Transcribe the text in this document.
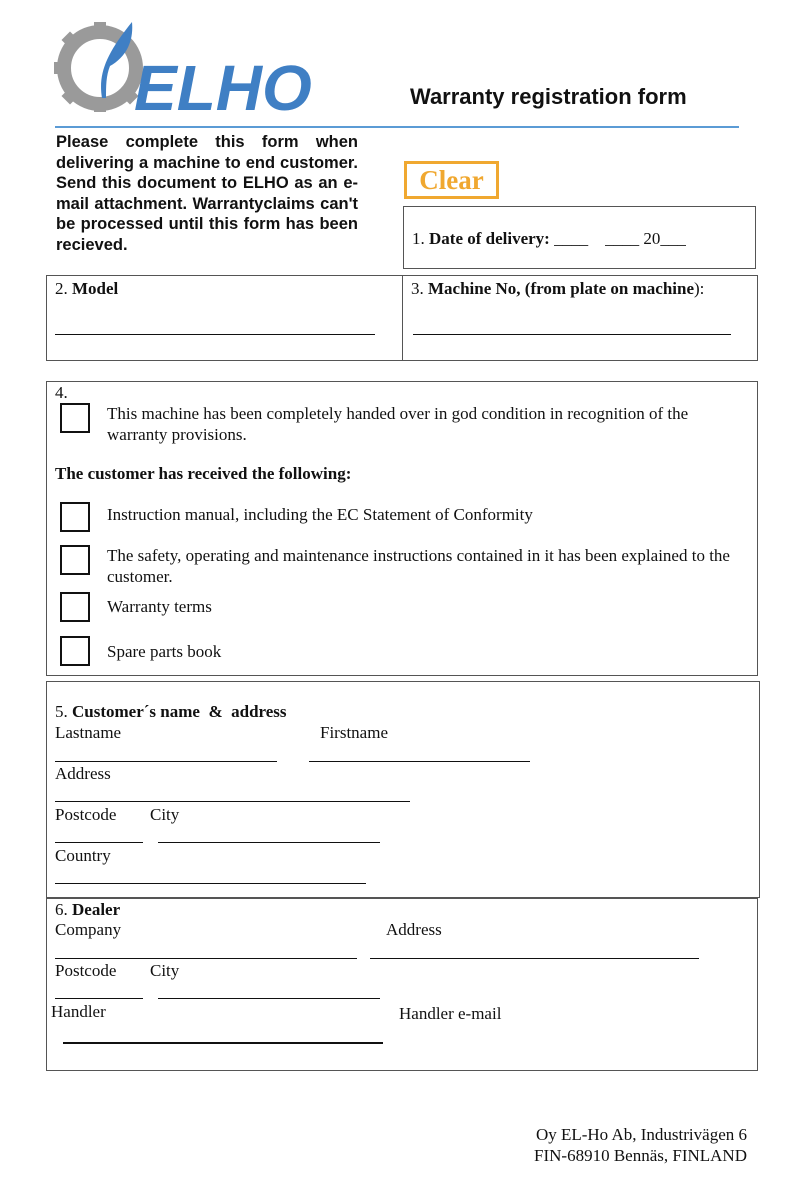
ELHO	Warranty registration form
Please complete this form when delivering a machine to end customer. Send this document to ELHO as an e-mail attachment. Warrantyclaims can't be processed until this form has been recieved.
Clear
1. Date of delivery: ____    ____ 20___
2. Model	3. Machine No, (from plate on machine):
4.
This machine has been completely handed over in god condition in recognition of the warranty provisions.
The customer has received the following:
Instruction manual, including the EC Statement of Conformity
The safety, operating and maintenance instructions contained in it has been explained to the customer.
Warranty terms
Spare parts book
5. Customer´s name  &  address
Lastname	Firstname
Address
Postcode City
Country
6. Dealer
Company	Address
Postcode City
Handler	Handler e-mail
Oy EL-Ho Ab, Industrivägen 6
FIN-68910 Bennäs, FINLAND
